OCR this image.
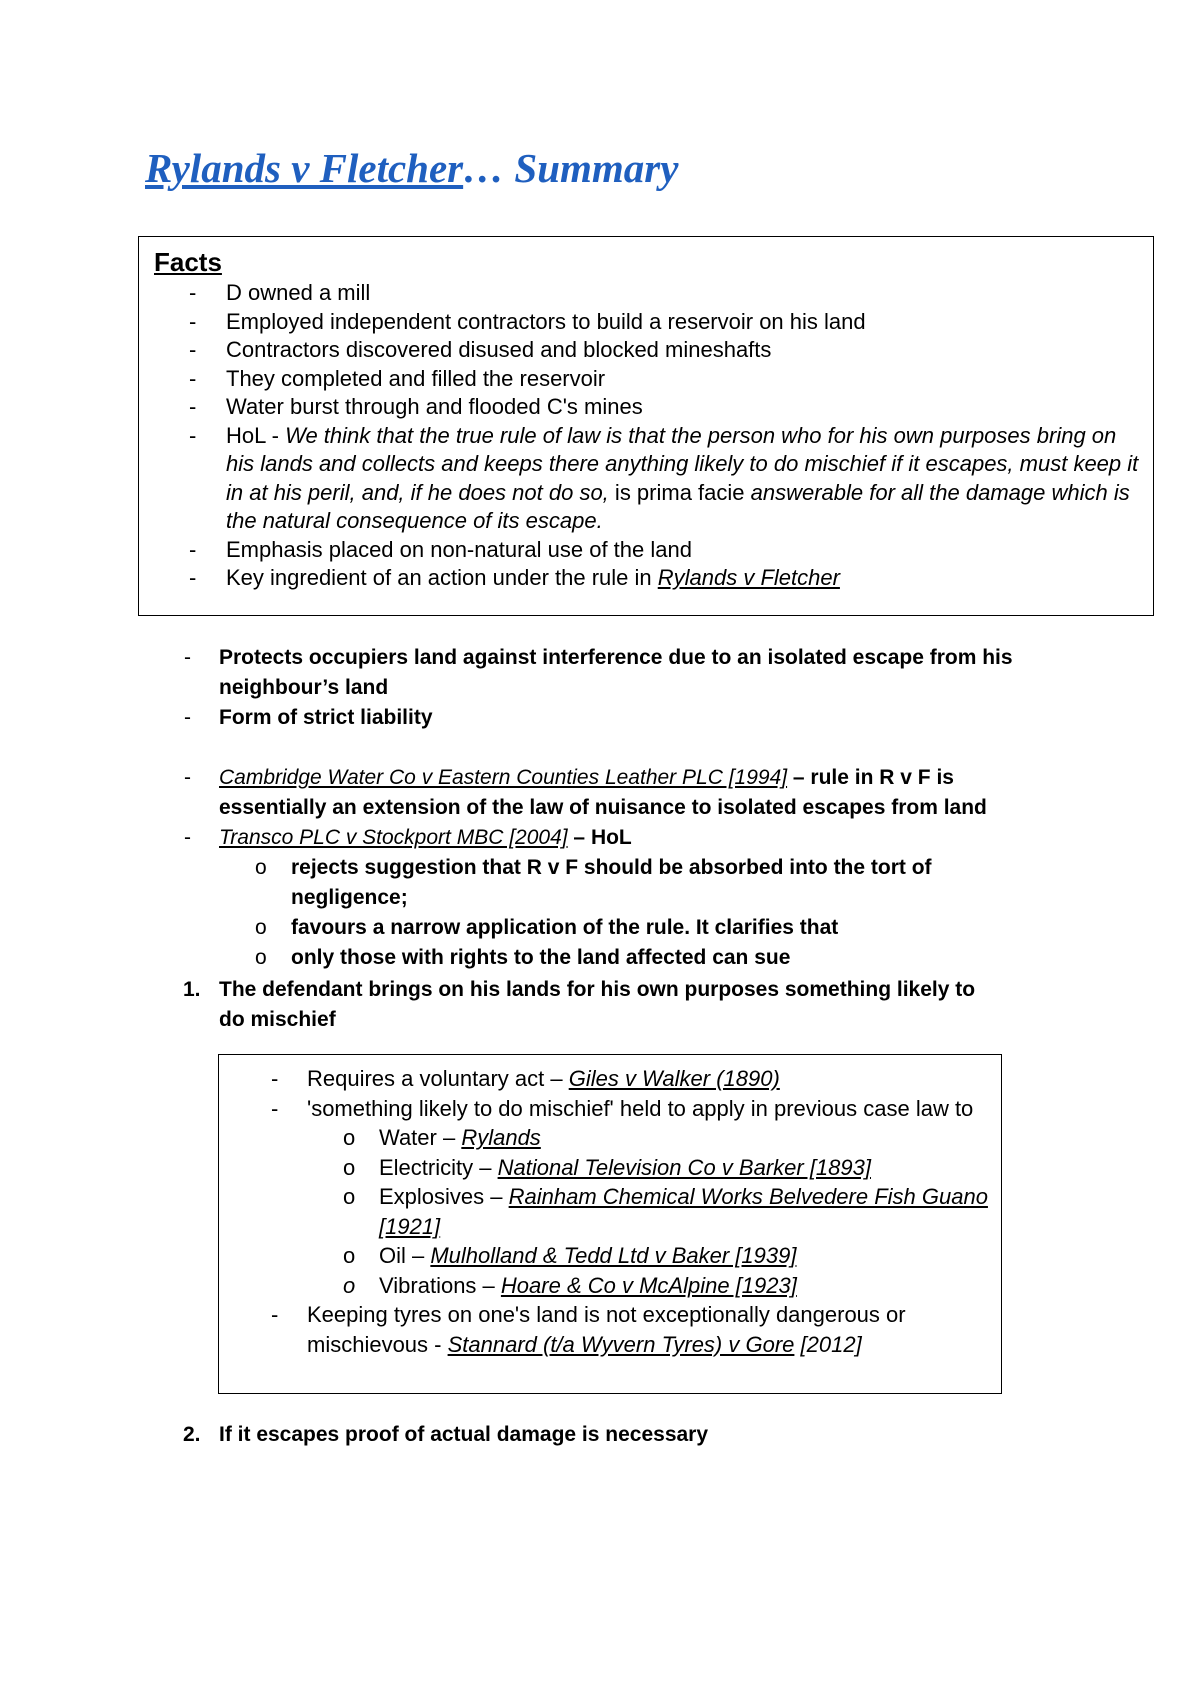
Rylands v Fletcher… Summary
Facts
- D owned a mill
- Employed independent contractors to build a reservoir on his land
- Contractors discovered disused and blocked mineshafts
- They completed and filled the reservoir
- Water burst through and flooded C's mines
- HoL - We think that the true rule of law is that the person who for his own purposes bring on his lands and collects and keeps there anything likely to do mischief if it escapes, must keep it in at his peril, and, if he does not do so, is prima facie answerable for all the damage which is the natural consequence of its escape.
- Emphasis placed on non-natural use of the land
- Key ingredient of an action under the rule in Rylands v Fletcher
- Protects occupiers land against interference due to an isolated escape from his neighbour’s land
- Form of strict liability
- Cambridge Water Co v Eastern Counties Leather PLC [1994] – rule in R v F is essentially an extension of the law of nuisance to isolated escapes from land
- Transco PLC v Stockport MBC [2004] – HoL
o rejects suggestion that R v F should be absorbed into the tort of negligence;
o favours a narrow application of the rule. It clarifies that
o only those with rights to the land affected can sue
1. The defendant brings on his lands for his own purposes something likely to do mischief
- Requires a voluntary act – Giles v Walker (1890)
- 'something likely to do mischief' held to apply in previous case law to
o Water – Rylands
o Electricity – National Television Co v Barker [1893]
o Explosives – Rainham Chemical Works Belvedere Fish Guano [1921]
o Oil – Mulholland & Tedd Ltd v Baker [1939]
o Vibrations – Hoare & Co v McAlpine [1923]
- Keeping tyres on one's land is not exceptionally dangerous or mischievous - Stannard (t/a Wyvern Tyres) v Gore [2012]
2. If it escapes proof of actual damage is necessary
